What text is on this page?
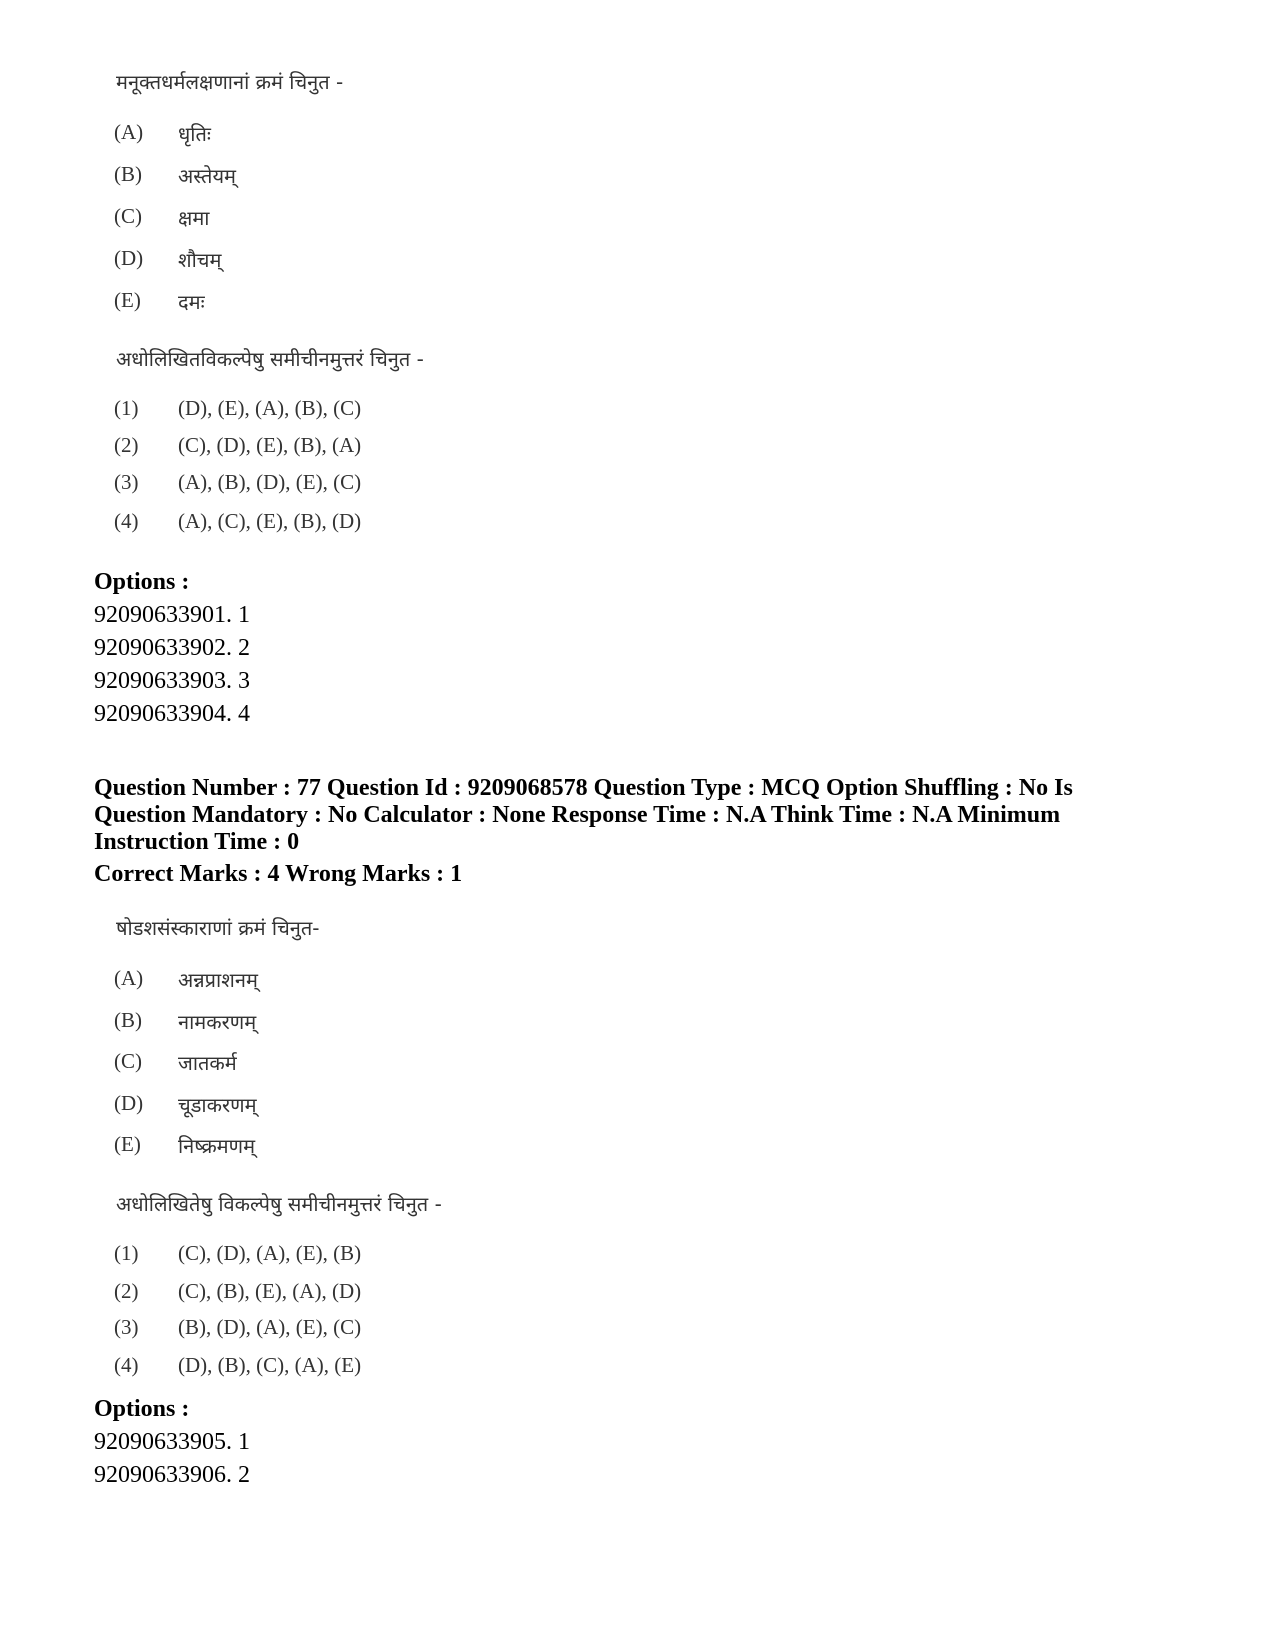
मनूक्तधर्मलक्षणानां क्रमं चिनुत -
(A) धृतिः
(B) अस्तेयम्
(C) क्षमा
(D) शौचम्
(E) दमः
अधोलिखितविकल्पेषु समीचीनमुत्तरं चिनुत -
(1) (D), (E), (A), (B), (C)
(2) (C), (D), (E), (B), (A)
(3) (A), (B), (D), (E), (C)
(4) (A), (C), (E), (B), (D)
Options :
92090633901. 1
92090633902. 2
92090633903. 3
92090633904. 4
Question Number : 77 Question Id : 9209068578 Question Type : MCQ Option Shuffling : No Is
Question Mandatory : No Calculator : None Response Time : N.A Think Time : N.A Minimum
Instruction Time : 0
Correct Marks : 4 Wrong Marks : 1
षोडशसंस्काराणां क्रमं चिनुत-
(A) अन्नप्राशनम्
(B) नामकरणम्
(C) जातकर्म
(D) चूडाकरणम्
(E) निष्क्रमणम्
अधोलिखितेषु विकल्पेषु समीचीनमुत्तरं चिनुत -
(1) (C), (D), (A), (E), (B)
(2) (C), (B), (E), (A), (D)
(3) (B), (D), (A), (E), (C)
(4) (D), (B), (C), (A), (E)
Options :
92090633905. 1
92090633906. 2
